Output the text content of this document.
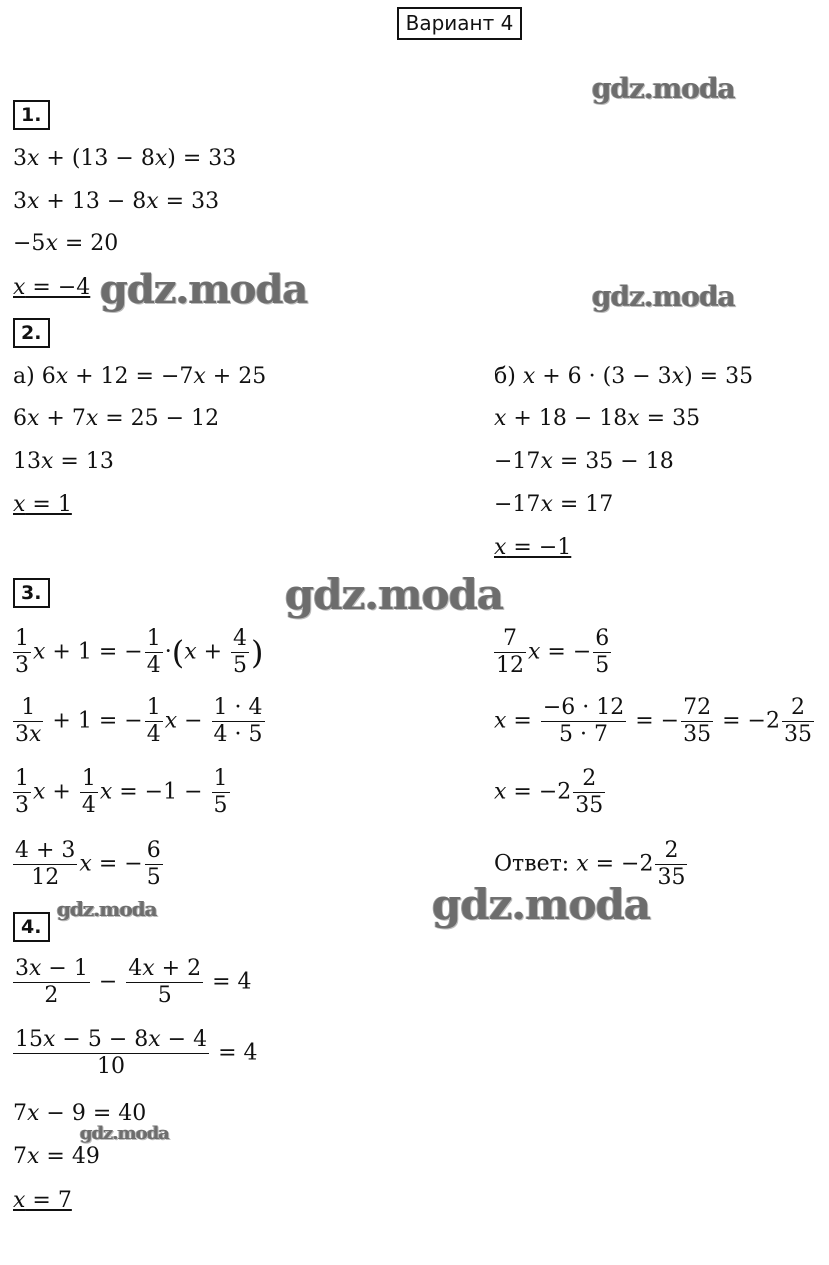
Вариант 4
gdz.moda
gdz.moda	gdz.moda
gdz.moda
gdz.moda	gdz.moda
gdz.moda
1.
3x + (13 − 8x) = 33
3x + 13 − 8x = 33
−5x = 20
x = −4
2.
а) 6x + 12 = −7x + 25
6x + 7x = 25 − 12
13x = 13
x = 1
б) x + 6 · (3 − 3x) = 35
x + 18 − 18x = 35
−17x = 35 − 18
−17x = 17
x = −1
3.
$\frac{1}{3}$ x + 1 = − $\frac{1}{4} \cdot(x + \frac{4}{5}$ )
$\frac{1}{3x} + 1$ = − $\frac{1}{4}$ $x - \frac{1 \cdot 4}{4 \cdot 5}$
$\frac{1}{3}$ $x + \frac{1}{4}$ $x = -1 - \frac{1}{5}$
$\frac{4 + 3}{12}$ x = − $\frac{6}{5}$
$\frac{7}{12}$ x = − $\frac{6}{5}$
$x = \frac{-6 \cdot 12}{5 \cdot 7}$ = − $\frac{72}{35} = -2 \frac{2}{35}$
$x = -2 \frac{2}{35}$
Ответ: $x = -2 \frac{2}{35}$
4.
$\frac{3x - 1}{2} - \frac{4x + 2}{5} = 4$
$\frac{15x - 5 - 8x - 4}{10} = 4$
7x − 9 = 40
7x = 49
x = 7
